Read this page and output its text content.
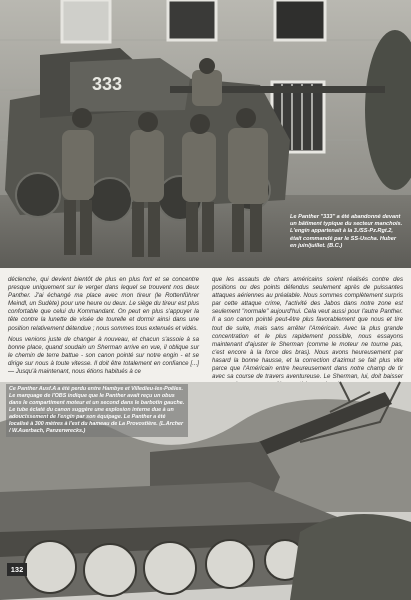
333
Le Panther "333" a été abandonné devant un bâtiment typique du secteur manchois. L'engin appartenait à la 3./SS-Pz.Rgt.2, était commandé par le SS-Uscha. Huber en juin/juillet. (B.C.)

déclenche, qui devient bientôt de plus en plus fort et se concentre presque uniquement sur le verger dans lequel se trouvent nos deux Panther. J'ai échangé ma place avec mon tireur (le Rottenführer Meindl, un Sudète) pour une heure ou deux. Le siège du tireur est plus confortable que celui du Kommandant. On peut en plus s'appuyer la tête contre la lunette de visée de tourelle et dormir ainsi dans une position relativement détendue ; nous sommes tous extenués et vidés.

Nous venions juste de changer à nouveau, et chacun s'assoie à sa bonne place, quand soudain un Sherman arrive en vue, il oblique sur le chemin de terre battue - son canon pointé sur notre engin - et se dirige sur nous à toute vitesse. Il doit être totalement en confiance [...] — Jusqu'à maintenant, nous étions habitués à ce

que les assauts de chars américains soient réalisés contre des positions ou des points défendus seulement après de puissantes attaques aériennes au préalable. Nous sommes complètement surpris par cette attaque crime, l'activité des Jabos dans notre zone est seulement "normale" aujourd'hui. Cela veut aussi pour l'autre Panther. Il a son canon pointé peut-être plus favorablement que nous et tire tout de suite, mais sans arrêter l'Américain. Avec la plus grande concentration et le plus rapidement possible, nous essayons maintenant d'ajuster le Sherman (comme le moteur ne tourne pas, c'est encore à la force des bras). Nous avons heureusement par hasard la bonne hausse, et la correction d'azimut se fait plus vite parce que l'Américain entre heureusement dans notre champ de tir avec sa course de travers aventureuse. Le Sherman, lui, doit baisser

Ce Panther Ausf.A a été perdu entre Hambye et Villedieu-les-Poêles. Le marquage de l'OBS indique que le Panther avait reçu un obus dans le compartiment moteur et un second dans le barbotin gauche. Le tube éclaté du canon suggère une explosion interne due à un adoucissement de l'engin par son équipage. Le Panther a été localisé à 300 mètres à l'est du hameau de La Provostière. (L.Archer / W.Auerbach, Panzerwrecks.)
132
